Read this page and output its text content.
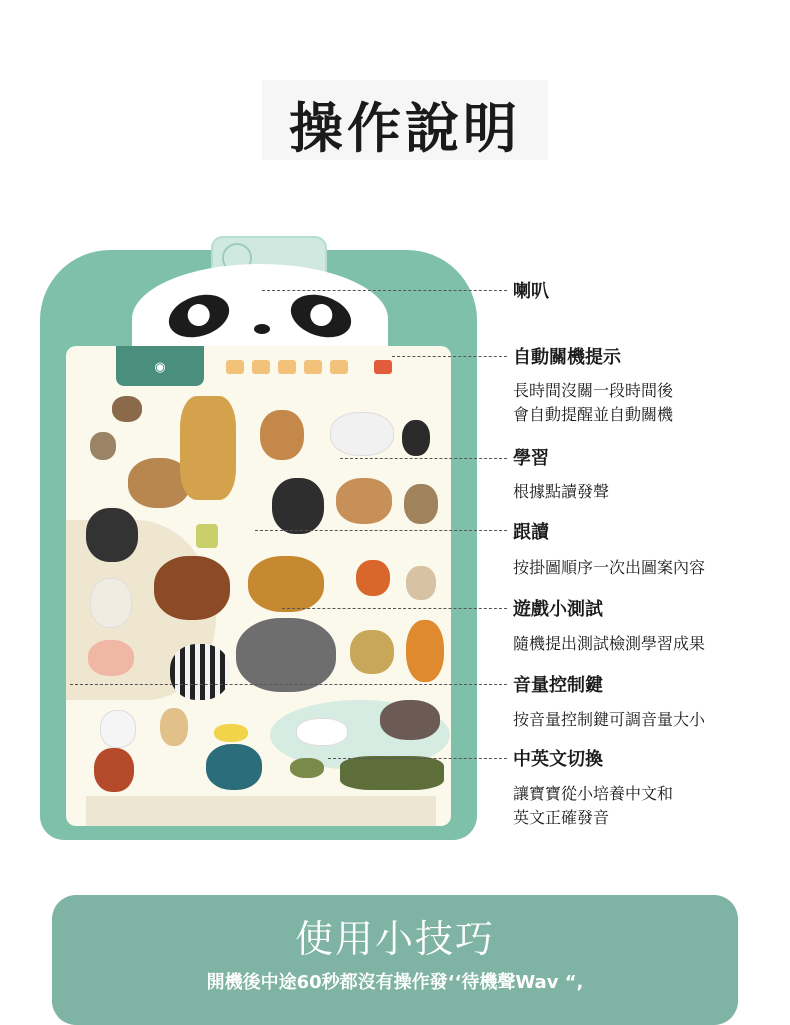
操作說明
◉
喇叭
自動關機提示
長時間沒關一段時間後
會自動提醒並自動關機
學習
根據點讀發聲
跟讀
按掛圖順序一次出圖案內容
遊戲小測試
隨機提出測試檢測學習成果
音量控制鍵
按音量控制鍵可調音量大小
中英文切換
讓寶寶從小培養中文和
英文正確發音
使用小技巧
開機後中途60秒都沒有操作發‘‘待機聲Wav “,
